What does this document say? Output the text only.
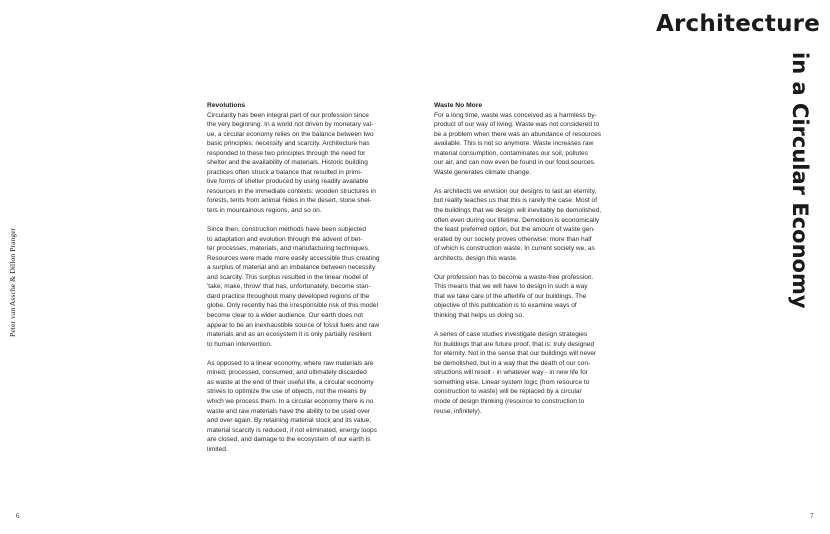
Architecture
in a Circular Economy
Peter van Assche & Dillon Pranger
6	7
Revolutions

Circularity has been integral part of our profession since
the very beginning. In a world not driven by monetary val-
ue, a circular economy relies on the balance between two
basic principles: necessity and scarcity. Architecture has
responded to these two principles through the need for
shelter and the availability of materials. Historic building
practices often struck a balance that resulted in primi-
tive forms of shelter produced by using readily available
resources in the immediate contexts: wooden structures in
forests, tents from animal hides in the desert, stone shel-
ters in mountainous regions, and so on.

Since then, construction methods have been subjected
to adaptation and evolution through the advent of bet-
ter processes, materials, and manufacturing techniques.
Resources were made more easily accessible thus creating
a surplus of material and an imbalance between necessity
and scarcity. This surplus resulted in the linear model of
'take, make, throw' that has, unfortunately, become stan-
dard practice throughout many developed regions of the
globe. Only recently has the irresponsible risk of this model
become clear to a wider audience. Our earth does not
appear to be an inexhaustible source of fossil fuels and raw
materials and as an ecosystem it is only partially resilient
to human intervention.

As opposed to a linear economy, where raw materials are
mined, processed, consumed, and ultimately discarded
as waste at the end of their useful life, a circular economy
strives to optimize the use of objects, not the means by
which we process them. In a circular economy there is no
waste and raw materials have the ability to be used over
and over again. By retaining material stock and its value,
material scarcity is reduced, if not eliminated, energy loops
are closed, and damage to the ecosystem of our earth is
limited.

Waste No More

For a long time, waste was conceived as a harmless by-
product of our way of living. Waste was not considered to
be a problem when there was an abundance of resources
available. This is not so anymore. Waste increases raw
material consumption, contaminates our soil, pollutes
our air, and can now even be found in our food sources.
Waste generates climate change.

As architects we envision our designs to last an eternity,
but reality teaches us that this is rarely the case. Most of
the buildings that we design will inevitably be demolished,
often even during our lifetime. Demolition is economically
the least preferred option, but the amount of waste gen-
erated by our society proves otherwise: more than half
of which is construction waste. In current society we, as
architects, design this waste.

Our profession has to become a waste-free profession.
This means that we will have to design in such a way
that we take care of the afterlife of our buildings. The
objective of this publication is to examine ways of
thinking that helps us doing so.

A series of case studies investigate design strategies
for buildings that are future proof, that is: truly designed
for eternity. Not in the sense that our buildings will never
be demolished, but in a way that the death of our con-
structions will result - in whatever way - in new life for
something else. Linear system logic (from resource to
construction to waste) will be replaced by a circular
mode of design thinking (resource to construction to
reuse, infinitely).
